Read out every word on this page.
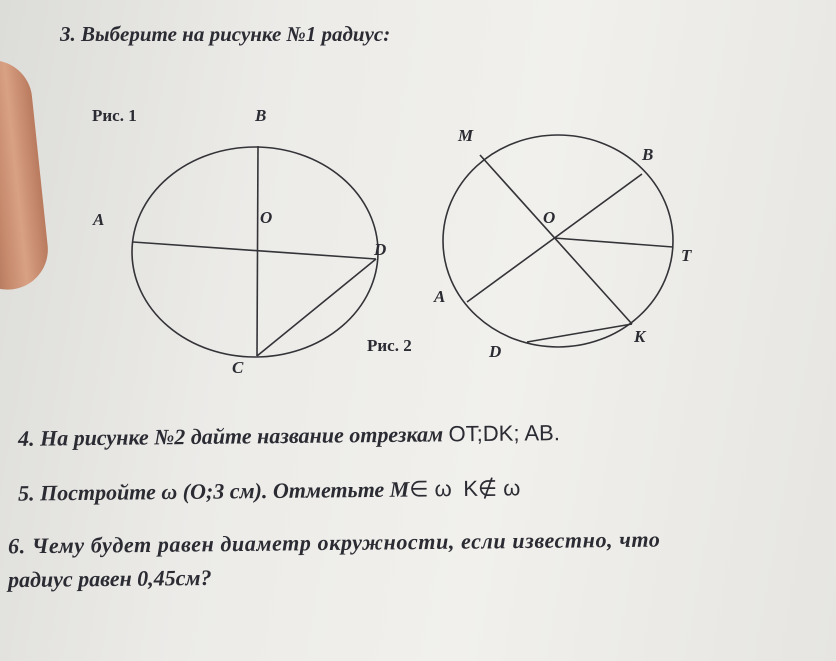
3. Выберите на рисунке №1 радиус:
Рис. 1	B
A	O
D
C
Рис. 2
M
B
O
T
A
K
D
4. На рисунке №2 дайте название отрезкам OT;DK; AB.
5. Постройте ω (O;3 см). Отметьте M∈ ω K∉ ω
6. Чему будет равен диаметр окружности, если известно, что
радиус равен 0,45см?
